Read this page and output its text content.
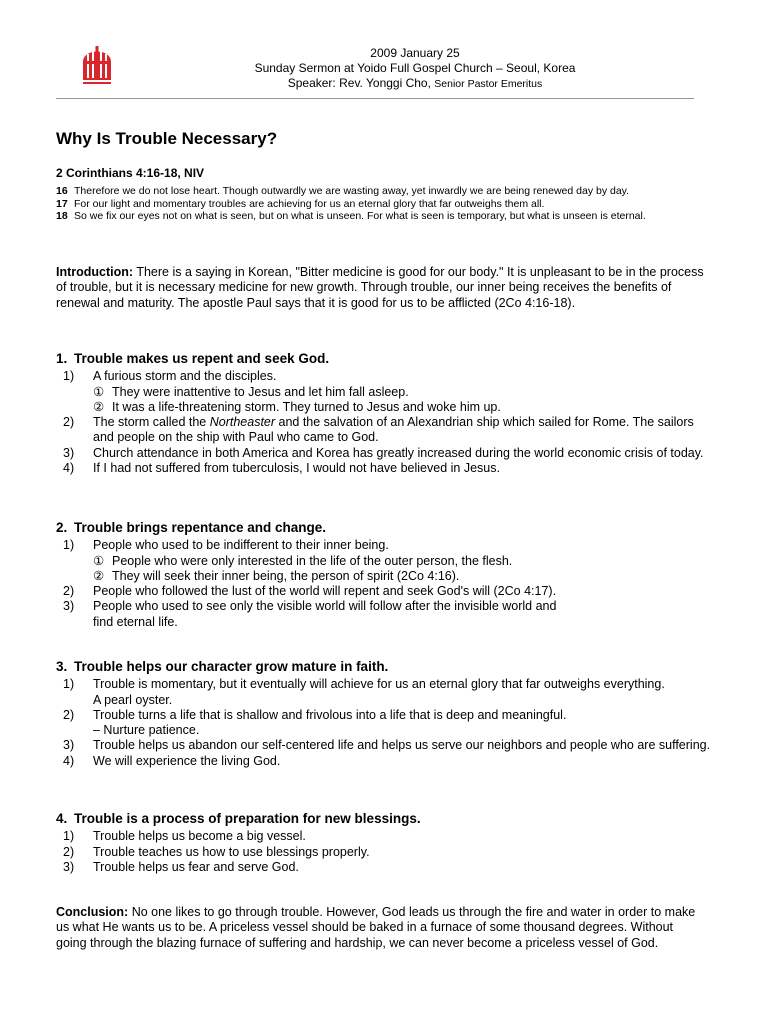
2009 January 25
Sunday Sermon at Yoido Full Gospel Church – Seoul, Korea
Speaker: Rev. Yonggi Cho, Senior Pastor Emeritus
Why Is Trouble Necessary?
2 Corinthians 4:16-18, NIV
16 Therefore we do not lose heart. Though outwardly we are wasting away, yet inwardly we are being renewed day by day.
17 For our light and momentary troubles are achieving for us an eternal glory that far outweighs them all.
18 So we fix our eyes not on what is seen, but on what is unseen. For what is seen is temporary, but what is unseen is eternal.
Introduction: There is a saying in Korean, "Bitter medicine is good for our body." It is unpleasant to be in the process of trouble, but it is necessary medicine for new growth. Through trouble, our inner being receives the benefits of renewal and maturity. The apostle Paul says that it is good for us to be afflicted (2Co 4:16-18).
1. Trouble makes us repent and seek God.
1)	A furious storm and the disciples.
① They were inattentive to Jesus and let him fall asleep.
② It was a life-threatening storm. They turned to Jesus and woke him up.
2)	The storm called the Northeaster and the salvation of an Alexandrian ship which sailed for Rome. The sailors and people on the ship with Paul who came to God.
3)	Church attendance in both America and Korea has greatly increased during the world economic crisis of today.
4)	If I had not suffered from tuberculosis, I would not have believed in Jesus.
2. Trouble brings repentance and change.
1)	People who used to be indifferent to their inner being.
① People who were only interested in the life of the outer person, the flesh.
② They will seek their inner being, the person of spirit (2Co 4:16).
2)	People who followed the lust of the world will repent and seek God's will (2Co 4:17).
3)	People who used to see only the visible world will follow after the invisible world and
find eternal life.
3. Trouble helps our character grow mature in faith.
1)	Trouble is momentary, but it eventually will achieve for us an eternal glory that far outweighs everything. A pearl oyster.
2)	Trouble turns a life that is shallow and frivolous into a life that is deep and meaningful.
– Nurture patience.
3)	Trouble helps us abandon our self-centered life and helps us serve our neighbors and people who are suffering.
4)	We will experience the living God.
4. Trouble is a process of preparation for new blessings.
1)	Trouble helps us become a big vessel.
2)	Trouble teaches us how to use blessings properly.
3)	Trouble helps us fear and serve God.
Conclusion: No one likes to go through trouble. However, God leads us through the fire and water in order to make us what He wants us to be. A priceless vessel should be baked in a furnace of some thousand degrees. Without going through the blazing furnace of suffering and hardship, we can never become a priceless vessel of God.
